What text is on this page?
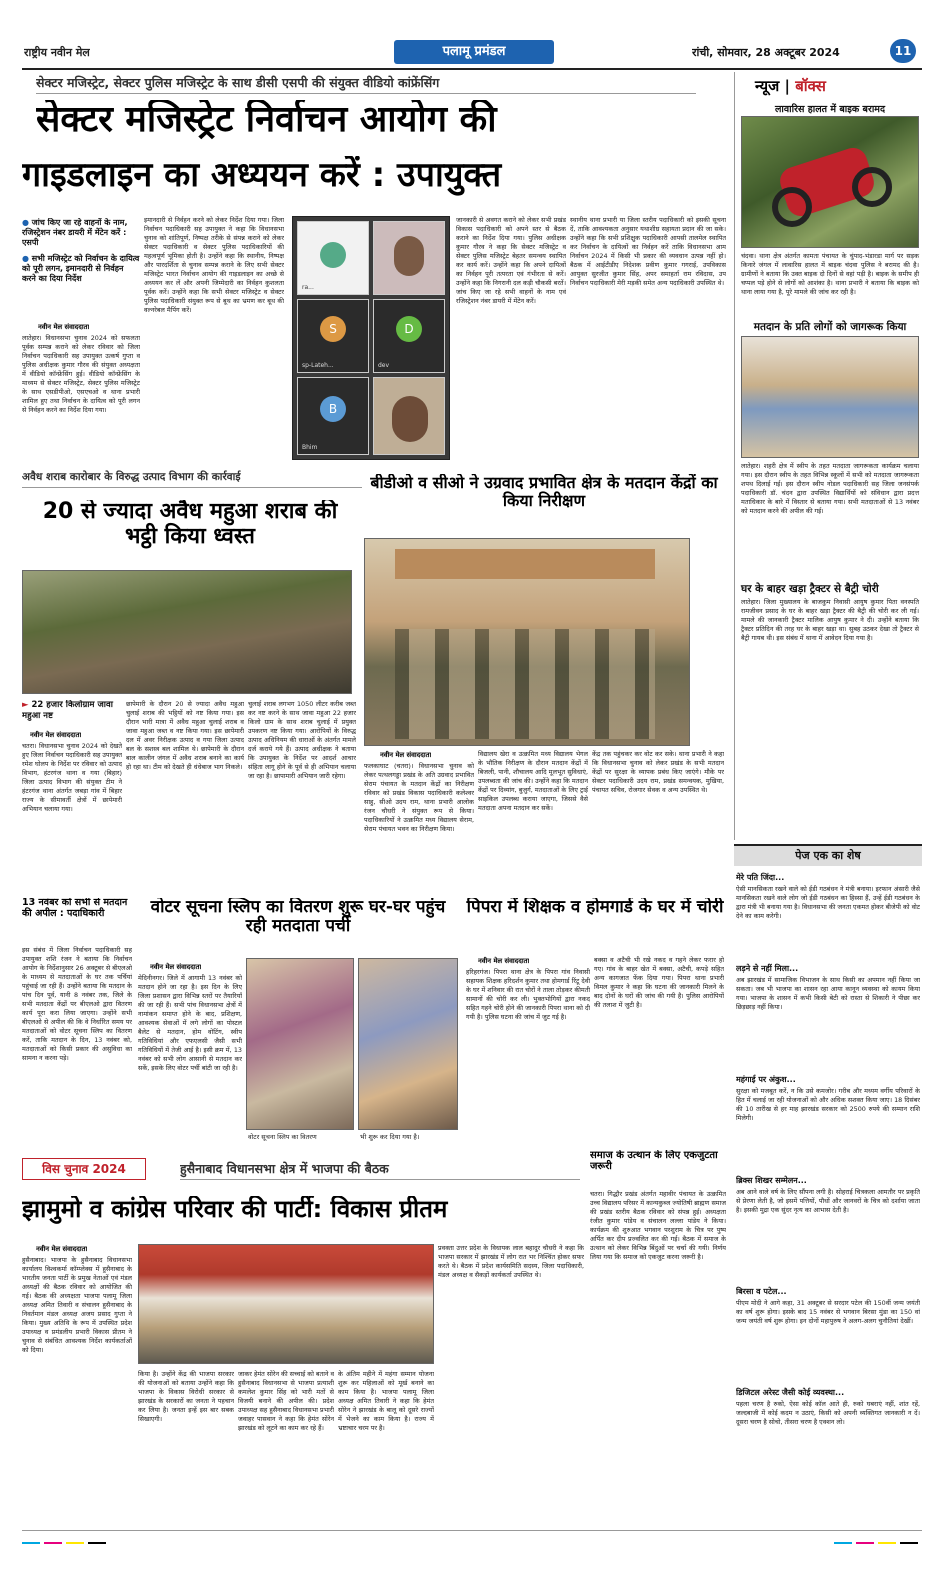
राष्ट्रीय नवीन मेल	पलामू प्रमंडल	रांची, सोमवार, 28 अक्टूबर 2024	11
सेक्टर मजिस्ट्रेट, सेक्टर पुलिस मजिस्ट्रेट के साथ डीसी एसपी की संयुक्त वीडियो कांफ्रेंसिंग
सेक्टर मजिस्ट्रेट निर्वाचन आयोग की
गाइडलाइन का अध्ययन करें : उपायुक्त
● जांच किए जा रहे वाहनों के नाम, रजिस्ट्रेशन नंबर डायरी में मेंटेन करें : एसपी
● सभी मजिस्ट्रेट को निर्वाचन के दायित्व को पूरी लगन, इमानदारी से निर्वहन करने का दिया निर्देश
नवीन मेल संवाददाता
लातेहार। विधानसभा चुनाव 2024 को सफलता पूर्वक सम्पन्न कराने को लेकर रविवार को जिला निर्वाचन पदाधिकारी सह उपायुक्त उत्कर्ष गुप्ता व पुलिस अधीक्षक कुमार गौरव की संयुक्त अध्यक्षता में वीडियो कॉन्फ्रेंसिंग हुई। वीडियो कॉन्फ्रेंसिंग के माध्यम से सेक्टर मजिस्ट्रेट, सेक्टर पुलिस मजिस्ट्रेट के साथ एसडीपीओ, एसएचओ व थाना प्रभारी शामिल हुए तथा निर्वाचन के दायित्व को पूरी लगन से निर्वहन करने का निर्देश दिया गया।
इमानदारी से निर्वहन करने को लेकर निर्देश दिया गया। जिला निर्वाचन पदाधिकारी सह उपायुक्त ने कहा कि विधानसभा चुनाव को शांतिपूर्ण, निष्पक्ष तरीके से संपन्न कराने को लेकर सेक्टर पदाधिकारी व सेक्टर पुलिस पदाधिकारियों की महत्वपूर्ण भूमिका होती है। उन्होंने कहा कि स्थानीय, निष्पक्ष और पारदर्शिता से चुनाव सम्पन्न कराने के लिए सभी सेक्टर मजिस्ट्रेट भारत निर्वाचन आयोग की गाइडलाइन का अच्छे से अध्ययन कर लें और अपनी जिम्मेदारी का निर्वहन कुशलता पूर्वक करें। उन्होंने कहा कि सभी सेक्टर मजिस्ट्रेट व सेक्टर पुलिस पदाधिकारी संयुक्त रूप से बूथ का भ्रमण कर बूथ की वल्नरेबल मैपिंग करें।
ra...
S
sp-Lateh...
D
dev
B
Bhim
जानकारी से अवगत कराने को लेकर सभी प्रखंड विकास पदाधिकारी को अपने स्तर से बैठक कराने का निर्देश दिया गया। पुलिस अधीक्षक कुमार गौरव ने कहा कि सेक्टर मजिस्ट्रेट व सेक्टर पुलिस मजिस्ट्रेट बेहतर समन्वय स्थापित कर कार्य करें। उन्होंने कहा कि अपने दायित्वों का निर्वहन पूरी तत्परता एवं गंभीरता से करें। उन्होंने कहा कि निगरानी दल कड़ी चौकसी बरतें। जांच किए जा रहे सभी वाहनों के नाम एवं रजिस्ट्रेशन नंबर डायरी में मेंटेन करें।
स्थानीय थाना प्रभारी या जिला स्तरीय पदाधिकारी को इसकी सूचना दें, ताकि आवश्यकता अनुसार यथाशीघ्र सहायता प्रदान की जा सके। उन्होंने कहा कि सभी प्रशिक्षुक पदाधिकारी आपसी तालमेल स्थापित कर निर्वाचन के दायित्वों का निर्वहन करें ताकि विधानसभा आम निर्वाचन 2024 में किसी भी प्रकार की व्यवधान उत्पन्न नहीं हो। बैठक में आईटीडीए निदेशक प्रवीण कुमार गगराई, उपविकास आयुक्त सुरजीत कुमार सिंह, अपर समाहर्ता राम रविदास, उप निर्वाचन पदाधिकारी मेरी मड़की समेत अन्य पदाधिकारी उपस्थित थे।
न्यूज | बॉक्स
लावारिस हालत में बाइक बरामद
चंदवा। थाना क्षेत्र अंतर्गत कामता पंचायत के चुंपाद-भंडारडा मार्ग पर सड़क किनारे जंगल में लावारिस हालत में बाइक चंदवा पुलिस ने बरामद की है। ग्रामीणों ने बताया कि उक्त बाइक दो दिनों से वहां पड़ी है। बाइक के समीप ही चप्पल पड़े होने से लोगों को आशंका है। थाना प्रभारी ने बताया कि बाइक को थाना लाया गया है, पूरे मामले की जांच कर रही है।
मतदान के प्रति लोगों को जागरूक किया
लातेहार। शहरी क्षेत्र में स्वीप के तहत मतदाता जागरूकता कार्यक्रम चलाया गया। इस दौरान स्वीप के तहत विभिन्न स्कूलों में सभी को मतदाता जागरूकता शपथ दिलाई गई। इस दौरान स्वीप नोडल पदाधिकारी सह जिला जनसंपर्क पदाधिकारी डॉ. चंदन द्वारा उपस्थित विद्यार्थियों को संविधान द्वारा प्रदत्त मताधिकार के बारे में विस्तार से बताया गया। सभी मतदाताओं से 13 नवंबर को मतदान करने की अपील की गई।
घर के बाहर खड़ा ट्रैक्टर से बैट्री चोरी
लातेहार। जिला मुख्यालय के बाजकुम निवासी आयुष कुमार पिता वनस्पति रामजीवन प्रसाद के घर के बाहर खड़ा ट्रैक्टर की बैट्री की चोरी कर ली गई। मामले की जानकारी ट्रैक्टर मालिक आयुष कुमार ने दी। उन्होंने बताया कि ट्रैक्टर प्रतिदिन की तरह घर के बाहर खड़ा था। सुबह उठकर देखा तो ट्रैक्टर से बैट्री गायब थी। इस संबंध में थाना में आवेदन दिया गया है।
अवैध शराब कारोबार के विरुद्ध उत्पाद विभाग की कार्रवाई
20 से ज्यादा अवैध महुआ शराब की भट्ठी किया ध्वस्त
► 22 हजार किलोग्राम जावा महुआ नष्ट
नवीन मेल संवाददाता
चतरा। विधानसभा चुनाव 2024 को देखते हुए जिला निर्वाचन पदाधिकारी सह उपायुक्त रमेश घोलप के निर्देश पर रविवार को उत्पाद विभाग, हंटरगंज थाना व गया (बिहार) जिला उत्पाद विभाग की संयुक्त टीम ने हंटरगंज थाना अंतर्गत जबड़ा गांव में बिहार राज्य के सीमावर्ती क्षेत्रों में छापेमारी अभियान चलाया गया।
छापेमारी के दौरान 20 से ज्यादा अवैध महुआ चुलाई शराब की भट्ठियों को नष्ट किया गया। इस दौरान भारी मात्रा में अवैध महुआ चुलाई शराब व जावा महुआ जब्त व नष्ट किया गया। इस छापेमारी दल में अवर निरीक्षक उत्पाद व गया जिला उत्पाद बल के सशस्त्र बल शामिल थे। छापेमारी के दौरान बाल कालीन जंगल में अवैध शराब बनाने का कार्य हो रहा था। टीम को देखते ही धंधेबाज भाग निकले।
चुलाई शराब लगभग 1050 लीटर करीब जब्त कर नष्ट करने के साथ जावा महुआ 22 हजार किलो ग्राम के साथ शराब चुलाई में प्रयुक्त उपकरण नष्ट किया गया। आरोपियों के विरुद्ध उत्पाद अधिनियम की धाराओं के अंतर्गत मामले दर्ज कराये गये हैं। उत्पाद अधीक्षक ने बताया कि उपायुक्त के निर्देश पर आदर्श आचार संहिता लागू होने के पूर्व से ही अभियान चलाया जा रहा है। छापामारी अभियान जारी रहेगा।
बीडीओ व सीओ ने उग्रवाद प्रभावित क्षेत्र के मतदान केंद्रों का किया निरीक्षण
नवीन मेल संवाददाता
फलकाघाट (चतरा)। विधानसभा चुनाव को लेकर पत्थलगड्डा प्रखंड के अति उग्रवाद प्रभावित सेराम पंचायत के मतदान केंद्रों का निरीक्षण रविवार को प्रखंड विकास पदाधिकारी कलेश्वर साहु, सीओ उदय राम, थाना प्रभारी आलोक रंजन चौधरी ने संयुक्त रूप से किया। पदाधिकारियों ने उत्क्रमित मध्य विद्यालय सेराम, सेराम पंचायत भवन का निरीक्षण किया।
विद्यालय खेरा व उत्क्रमित मध्य विद्यालय भेगल के भौतिक निरीक्षण के दौरान मतदान केंद्रों में बिजली, पानी, शौचालय आदि मूलभूत सुविधाएं, उपलब्धता की जांच की। उन्होंने कहा कि मतदान केंद्रों पर दिव्यांग, बुजुर्ग, मतदाताओं के लिए ट्राई साइकिल उपलब्ध कराया जाएगा, जिससे वैसे मतदाता अपना मतदान कर सकें।
केंद्र तक पहुंचकर कर वोट कर सके। थाना प्रभारी ने कहा कि विधानसभा चुनाव को लेकर प्रखंड के सभी मतदान केंद्रों पर सुरक्षा के व्यापक प्रबंध किए जाएंगे। मौके पर सेक्टर पदाधिकारी उदय राम, प्रखंड समन्वयक, मुखिया, पंचायत सचिव, रोजगार सेवक व अन्य उपस्थित थे।
13 नवंबर को सभी से मतदान की अपील : पदाधिकारी
इस संबंध में जिला निर्वाचन पदाधिकारी सह उपायुक्त शशि रंजन ने बताया कि निर्वाचन आयोग के निर्देशानुसार 26 अक्टूबर से बीएलओ के माध्यम से मतदाताओं के घर तक पर्चियां पहुंचाई जा रही हैं। उन्होंने बताया कि मतदान के पांच दिन पूर्व, यानी 8 नवंबर तक, जिले के सभी मतदाता केंद्रों पर बीएलओ द्वारा वितरण कार्य पूरा करा लिया जाएगा। उन्होंने सभी बीएलओ से अपील की कि वे निर्धारित समय पर मतदाताओं को वोटर सूचना स्लिप का वितरण करें, ताकि मतदान के दिन, 13 नवंबर को, मतदाताओं को किसी प्रकार की असुविधा का सामना न करना पड़े।
वोटर सूचना स्लिप का वितरण शुरू घर-घर पहुंच रही मतदाता पर्ची
नवीन मेल संवाददाता
मेदिनीनगर। जिले में आगामी 13 नवंबर को मतदान होने जा रहा है। इस दिन के लिए जिला प्रशासन द्वारा विभिन्न स्तरों पर तैयारियाँ की जा रही हैं। सभी पांच विधानसभा क्षेत्रों में नामांकन समाप्त होने के बाद, प्रशिक्षण, आवश्यक सेवाओं में लगे लोगों का पोस्टल बैलेट से मतदान, होम वोटिंग, स्वीप गतिविधियां और एफएलसी जैसी सभी गतिविधियों में तेजी आई है। इसी क्रम में, 13 नवंबर को सभी लोग आसानी से मतदान कर सकें, इसके लिए वोटर पर्ची बांटी जा रही है।
वोटर सूचना स्लिप का वितरण	भी शुरू कर दिया गया है।
पिपरा में शिक्षक व होमगार्ड के घर में चोरी
नवीन मेल संवाददाता
हरिहरगंज। पिपरा थाना क्षेत्र के पिपरा गांव निवासी सहायक शिक्षक हरिदर्शन कुमार तथा होमगार्ड रिंटू देवी के घर में शनिवार की रात चोरों ने ताला तोड़कर कीमती सामानों की चोरी कर ली। भुक्तभोगियों द्वारा नकद सहित गहने चोरी होने की जानकारी पिपरा थाना को दी गयी है। पुलिस घटना की जांच में जुट गई है।
बक्सा व अटैची भी रखे नकद व गहने लेकर फरार हो गए। गांव के बाहर खेत में बक्सा, अटैची, कपड़े सहित अन्य कागजात फेंक दिया गया। पिपरा थाना प्रभारी विमल कुमार ने कहा कि घटना की जानकारी मिलने के बाद दोनों के घरों की जांच की गयी है। पुलिस आरोपियों की तलाश में जुटी है।
पेज एक का शेष
मेरे पति जिंदा...
ऐसी मानसिकता रखने वाले को ईडी गठबंधन ने मंत्री बनाया। इरफान अंसारी जैसे मानसिकता रखने वाले लोग जो ईडी गठबंधन का हिस्सा हैं, उन्हें ईडी गठबंधन के द्वारा मंत्री भी बनाया गया है। विधानसभा की जनता एकमत होकर बीजेपी को वोट देने का काम करेगी।
लड़ने से नहीं मिला...
अब झारखंड में सामाजिक विभाजन के साथ किसी का अपमान नहीं किया जा सकता। जब भी भाजपा का शासन रहा आया कानून व्यवस्था को कायम किया गया। भाजपा के शासन में कभी किसी बेटी को रास्ता से शिकारी ने पीछा कर छिड़छाड़ नहीं किया।
महंगाई पर अंकुश...
सुरक्षा को मजबूत करें, न कि उसे कमजोर। गरीब और मध्यम वर्गीय परिवारों के हित में चलाई जा रही योजनाओं को और अधिक सशक्त किया जाए। 18 दिसंबर की 10 तारीख से हर माह झारखंड सरकार को 2500 रुपये की सम्मान राशि मिलेगी।
ब्रिक्स शिखर सम्मेलन...
अब आने वाले वर्ष के लिए सौंपना लगी है। सोहराई चित्रकला आमतौर पर प्रकृति से प्रेरणा लेती है, जो इसमें पत्तियों, पौधों और जानवरों के चित्र को दर्शाया जाता है। इसकी मुद्रा एक सुंदर नृत्य का आभास देती है।
बिरसा व पटेल...
पीएम मोदी ने आगे कहा, 31 अक्टूबर से सरदार पटेल की 150वीं जन्म जयंती का वर्ष शुरू होगा। इसके बाद 15 नवंबर से भगवान बिरसा मुंडा का 150 वां जन्म जयंती वर्ष शुरू होगा। इन दोनों महापुरुष ने अलग-अलग चुनौतियां देखीं।
डिजिटल अरेस्ट जैसी कोई व्यवस्था...
पहला चरण है रुको, ऐसा कोई कॉल आते ही, रुको घबराएं नहीं, शांत रहें, जल्दबाजी में कोई कदम न उठाएं, किसी को अपनी व्यक्तिगत जानकारी न दें। दूसरा चरण है सोचो, तीसरा चरण है एक्शन लो।
समाज के उत्थान के लिए एकजुटता जरूरी
चतरा। गिद्धौर प्रखंड अंतर्गत महावीर पंचायत के उत्क्रमित उच्च विद्यालय परिसर में कान्यकुब्ज ज्योतिषी ब्राह्मण समाज की प्रखंड स्तरीय बैठक रविवार को संपन्न हुई। अध्यक्षता रंजीत कुमार पांडेय व संचालन लल्ला पांडेय ने किया। कार्यक्रम की शुरुआत भगवान परशुराम के चित्र पर पुष्प अर्पित कर दीप प्रज्वलित कर की गई। बैठक में समाज के उत्थान को लेकर विभिन्न बिंदुओं पर चर्चा की गयी। निर्णय लिया गया कि समाज को एकजुट करना जरूरी है।
विस चुनाव 2024	हुसैनाबाद विधानसभा क्षेत्र में भाजपा की बैठक
झामुमो व कांग्रेस परिवार की पार्टी: विकास प्रीतम
नवीन मेल संवाददाता
हुसैनाबाद। भाजपा के हुसैनाबाद विधानसभा कार्यालय विश्वकर्मा कॉम्प्लेक्स में हुसैनाबाद के भारतीय जनता पार्टी के प्रमुख नेताओं एवं मंडल अध्यक्षों की बैठक रविवार को आयोजित की गई। बैठक की अध्यक्षता भाजपा पलामू जिला अध्यक्ष अमित तिवारी व संचालन हुसैनाबाद के निवर्तमान मंडल अध्यक्ष अजय प्रसाद गुप्ता ने किया। मुख्य अतिथि के रूप में उपस्थित प्रदेश उपाध्यक्ष व प्रमंडलीय प्रभारी विकास प्रीतम ने चुनाव से संबंधित आवश्यक निर्देश कार्यकर्ताओं को दिया।
किया है। उन्होंने केंद्र की भाजपा सरकार की योजनाओं को बताया उन्होंने कहा कि भाजपा के विकास विरोधी सरकार से झारखंड के सरकारों का जनता ने पहचान कर लिया है। जनता इन्हें इस बार सबक सिखाएगी।
जाकर हेमंत सोरेन की सच्चाई को बताने व हुसैनाबाद विधानसभा से भाजपा प्रत्याशी कमलेश कुमार सिंह को भारी मतों से विजयी बनाने की अपील की। प्रदेश उपाध्यक्ष सह हुसैनाबाद विधानसभा प्रभारी जवाहर पासवान ने कहा कि हेमंत सोरेन झारखंड को लूटने का काम कर रहे हैं।
के अंतिम महीने में महंगा सम्मान योजना शुरू कर महिलाओं को मूर्ख बनाने का काम किया है। भाजपा पलामू जिला अध्यक्ष अमित तिवारी ने कहा कि हेमंत सोरेन ने झारखंड के बालू को दूसरे राज्यों में भेजने का काम किया है। राज्य में भ्रष्टाचार चरम पर है।
प्रवक्ता उत्तर प्रदेश के विधायक लाल बहादुर चौधरी ने कहा कि भाजपा सरकार में झारखंड में लोग रात भर निश्चिंत होकर सफर करते थे। बैठक में प्रदेश कार्यसमिति सदस्य, जिला पदाधिकारी, मंडल अध्यक्ष व सैकड़ों कार्यकर्ता उपस्थित थे।
